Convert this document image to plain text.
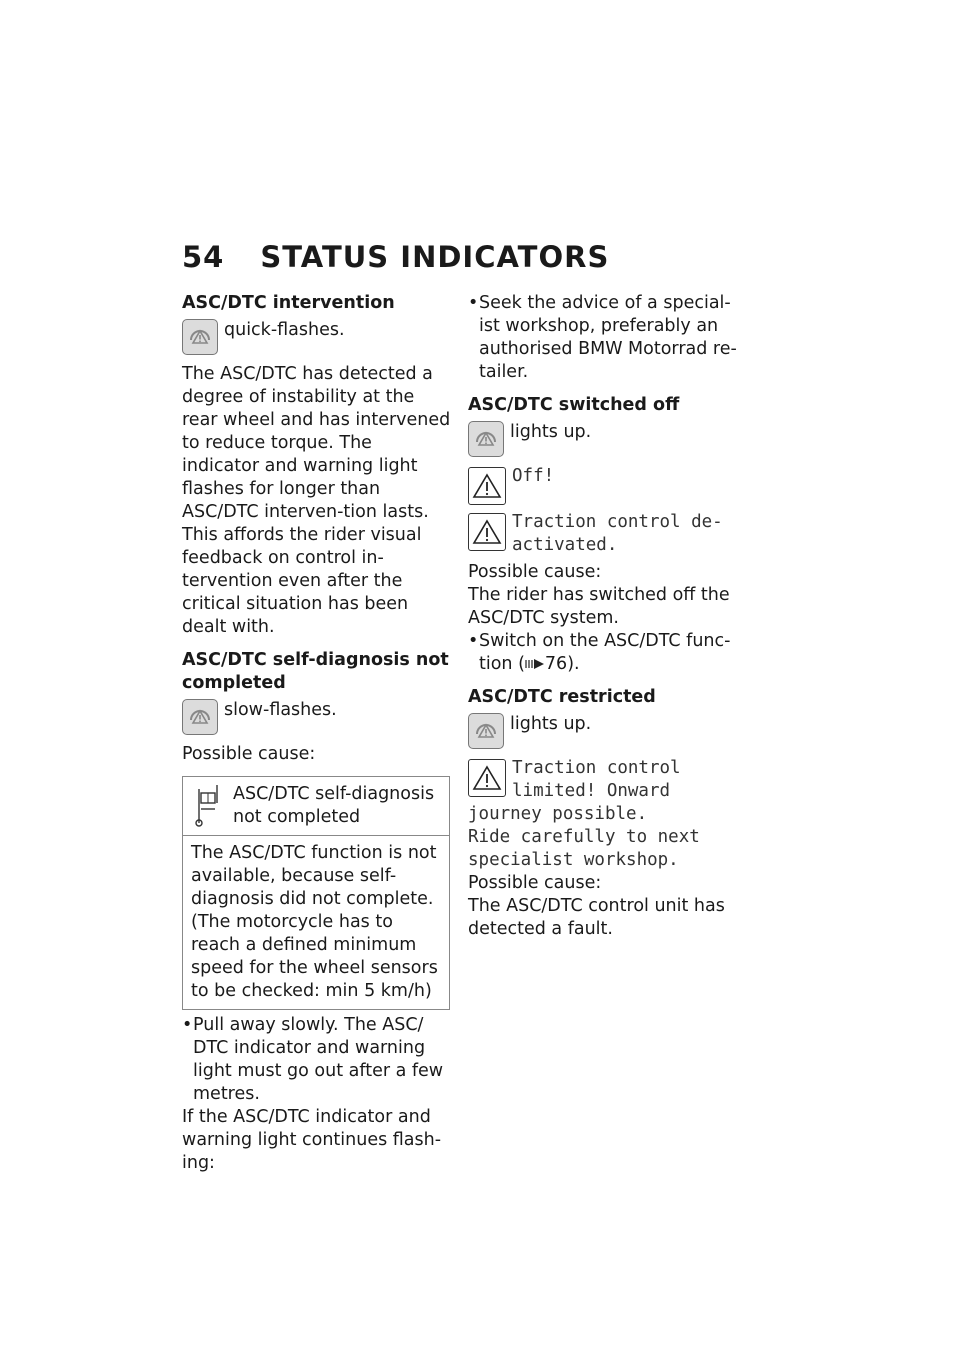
54 STATUS INDICATORS

ASC/DTC intervention

quick-flashes.

The ASC/DTC has detected a degree of instability at the rear wheel and has intervened to reduce torque. The indicator and warning light flashes for longer than ASC/DTC interven-tion lasts. This affords the rider visual feedback on control in-tervention even after the critical situation has been dealt with.

ASC/DTC self-diagnosis not completed

slow-flashes.

Possible cause:

ASC/DTC self-diagnosis not completed
The ASC/DTC function is not available, because self-diagnosis did not complete. (The motorcycle has to reach a defined minimum speed for the wheel sensors to be checked: min 5 km/h)
• Pull away slowly. The ASC/ DTC indicator and warning light must go out after a few metres.

If the ASC/DTC indicator and warning light continues flash-ing:

• Seek the advice of a special-ist workshop, preferably an authorised BMW Motorrad re-tailer.

ASC/DTC switched off

lights up.
Off!
Traction control de-
activated.

Possible cause:

The rider has switched off the ASC/DTC system.

• Switch on the ASC/DTC func-tion ( 76).

ASC/DTC restricted

lights up.
Traction control
limited! Onward
journey possible.
Ride carefully to next
specialist workshop.

Possible cause:

The ASC/DTC control unit has detected a fault.
